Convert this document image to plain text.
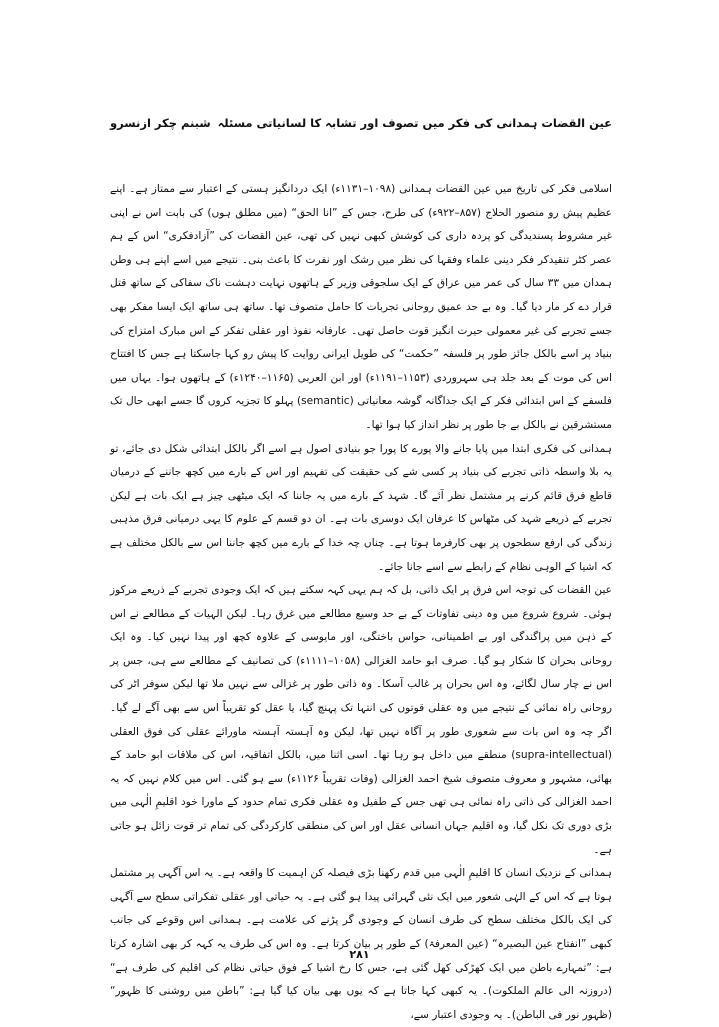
عین القضات ہمدانی کی فکر میں تصوف اور تشابہ کا لسانیاتی مسئلہ
شبنم چکر ازنسرو

اسلامی فکر کی تاریخ میں عین القضات ہمدانی (۱۰۹۸–۱۱۳۱ء) ایک دردانگیز ہستی کے اعتبار سے ممتاز ہے۔ اپنے عظیم پیش رو منصور الحلاج (۸۵۷–۹۲۲ء) کی طرح، جس کے ”انا الحق“ (میں مطلق ہوں) کی بابت اس نے اپنی غیر مشروط پسندیدگی کو پردہ داری کی کوشش کبھی نہیں کی تھی، عین القضات کی ”آزادفکری“ اس کے ہم عصر کٹر تنقیدکر فکر دینی علماء وفقہا کی نظر میں رشک اور نفرت کا باعث بنی۔ نتیجے میں اسے اپنے ہی وطن ہمدان میں ۳۳ سال کی عمر میں عراق کے ایک سلجوقی وزیر کے ہاتھوں نہایت دہشت ناک سفاکی کے ساتھ قتل قرار دے کر مار دیا گیا۔ وہ بے حد عمیق روحانی تجربات کا حامل متصوف تھا۔ ساتھ ہی ساتھ ایک ایسا مفکر بھی جسے تجربے کی غیر معمولی حیرت انگیز قوت حاصل تھی۔ عارفانہ نفوذ اور عقلی تفکر کے اس مبارک امتزاج کی بنیاد پر اسے بالکل جائز طور پر فلسفہ ”حکمت“ کی طویل ایرانی روایت کا پیش رو کہا جاسکتا ہے جس کا افتتاح اس کی موت کے بعد جلد ہی سہروردی (۱۱۵۳–۱۱۹۱ء) اور ابن العربی (۱۱۶۵–۱۲۴۰ء) کے ہاتھوں ہوا۔ یہاں میں فلسفے کے اس ابتدائی فکر کے ایک جداگانہ گوشہ معانیاتی (semantic) پہلو کا تجزیہ کروں گا جسے ابھی حال تک مستشرقین نے بالکل بے جا طور پر نظر انداز کیا ہوا تھا۔

ہمدانی کی فکری ابتدا میں پایا جانے والا پورے کا پورا جو بنیادی اصول ہے اسے اگر بالکل ابتدائی شکل دی جائے، تو یہ بلا واسطہ ذاتی تجربے کی بنیاد پر کسی شے کی حقیقت کی تفہیم اور اس کے بارے میں کچھ جاننے کے درمیان قاطع فرق قائم کرنے پر مشتمل نظر آئے گا۔ شہد کے بارے میں یہ جاننا کہ ایک میٹھی چیز ہے ایک بات ہے لیکن تجربے کے ذریعے شہد کی مٹھاس کا عرفان ایک دوسری بات ہے۔ ان دو قسم کے علوم کا یہی درمیانی فرق مذہبی زندگی کی ارفع سطحوں پر بھی کارفرما ہوتا ہے۔ چناں چہ خدا کے بارے میں کچھ جاننا اس سے بالکل مختلف ہے کہ اشیا کے الوہی نظام کے رابطے سے اسے جانا جائے۔

عین القضات کی توجہ اس فرق پر ایک ذاتی، بل کہ ہم یہی کہہ سکتے ہیں کہ ایک وجودی تجربے کے ذریعے مرکوز ہوئی۔ شروع شروع میں وہ دینی تفاوتات کے بے حد وسیع مطالعے میں غرق رہا۔ لیکن الہیات کے مطالعے نے اس کے ذہن میں پراگندگی اور بے اطمینانی، حواس باختگی، اور مایوسی کے علاوہ کچھ اور پیدا نہیں کیا۔ وہ ایک روحانی بحران کا شکار ہو گیا۔ صرف ابو حامد الغزالی (۱۰۵۸–۱۱۱۱ء) کی تصانیف کے مطالعے سے ہی، جس پر اس نے چار سال لگائے، وہ اس بحران پر غالب آسکا۔ وہ ذاتی طور پر غزالی سے نہیں ملا تھا لیکن سوفر اٹر کی روحانی راہ نمائی کے نتیجے میں وہ عقلی قوتوں کی انتہا تک پہنچ گیا، یا عقل کو تقریباً اس سے بھی آگے لے گیا۔ اگر چہ وہ اس بات سے شعوری طور پر آگاہ نہیں تھا، لیکن وہ آہستہ آہستہ ماورائے عقلی کی فوق العقلی (supra-intellectual) منطقے میں داخل ہو رہا تھا۔ اسی اثنا میں، بالکل اتفاقیہ، اس کی ملاقات ابو حامد کے بھائی، مشہور و معروف متصوف شیخ احمد الغزالی (وفات تقریباً ۱۱۲۶ء) سے ہو گئی۔ اس میں کلام نہیں کہ یہ احمد الغزالی کی ذاتی راہ نمائی ہی تھی جس کے طفیل وہ عقلی فکری تمام حدود کے ماورا خود اقلیمِ الٰہی میں بڑی دوری تک نکل گیا، وہ اقلیم جہاں انسانی عقل اور اس کی منطقی کارکردگی کی تمام تر قوت زائل ہو جاتی ہے۔

ہمدانی کے نزدیک انسان کا اقلیمِ الٰہی میں قدم رکھنا بڑی فیصلہ کن اہمیت کا واقعہ ہے۔ یہ اس آگہی پر مشتمل ہوتا ہے کہ اس کے الہٰی شعور میں ایک نئی گہرائی پیدا ہو گئی ہے۔ یہ حیاتی اور عقلی تفکراتی سطح سے آگہی کی ایک بالکل مختلف سطح کی طرف انسان کے وجودی گر پڑنے کی علامت ہے۔ ہمدانی اس وقوعے کی جانب کبھی ”انفتاح عین البصیرہ“ (عین المعرفۃ) کے طور پر بیان کرتا ہے۔ وہ اس کی طرف یہ کہہ کر بھی اشارہ کرتا ہے: ”تمہارے باطن میں ایک کھڑکی کھل گئی ہے، جس کا رخ اشیا کے فوق حیاتی نظام کی اقلیم کی طرف ہے“ (دروزنہ الی عالم الملکوت)۔ یہ کبھی کہا جاتا ہے کہ یوں بھی بیان کیا گیا ہے: ”باطن میں روشنی کا ظہور“ (ظہور نور فی الباطن)۔ یہ وجودی اعتبار سے،

۲۸۱
